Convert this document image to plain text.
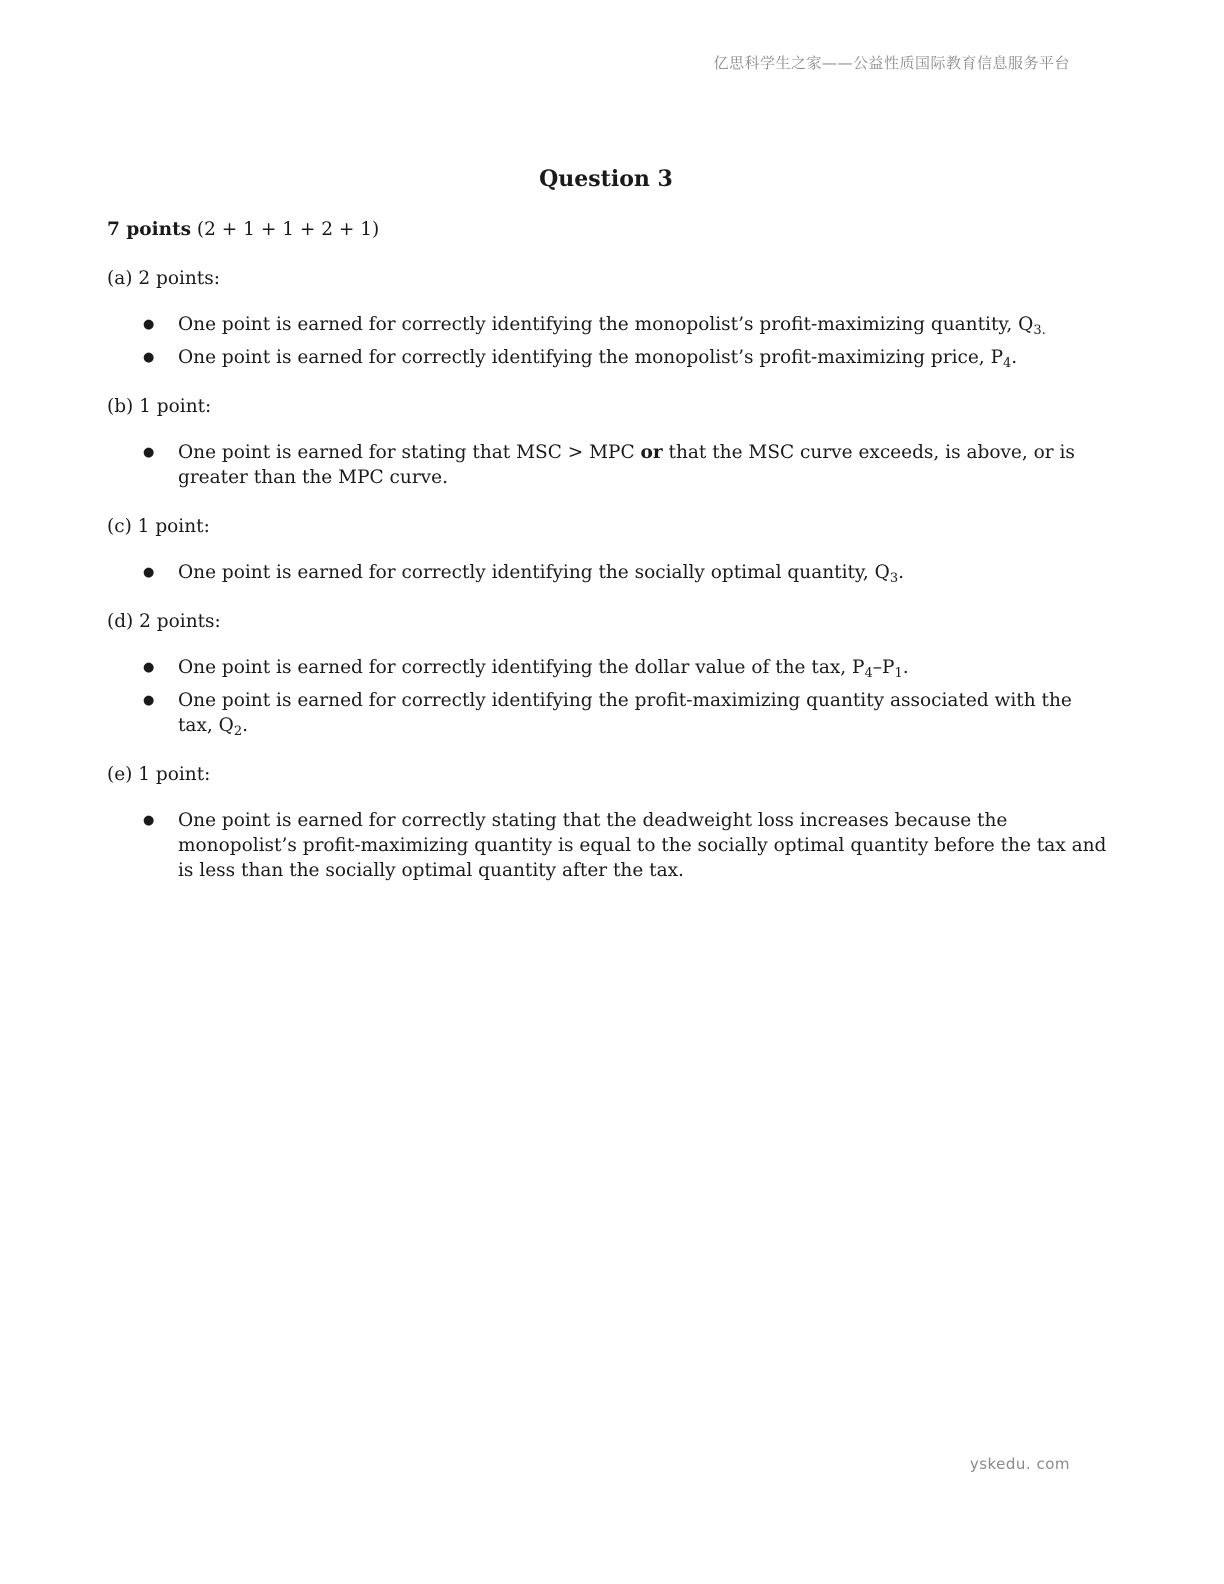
亿思科学生之家——公益性质国际教育信息服务平台
Question 3

7 points (2 + 1 + 1 + 2 + 1)

(a) 2 points:

● One point is earned for correctly identifying the monopolist’s profit-maximizing quantity, $Q_{3.}$
● One point is earned for correctly identifying the monopolist’s profit-maximizing price, $P_4$.

(b) 1 point:

● One point is earned for stating that MSC > MPC or that the MSC curve exceeds, is above, or is greater than the MPC curve.

(c) 1 point:

● One point is earned for correctly identifying the socially optimal quantity, $Q_3$.

(d) 2 points:

● One point is earned for correctly identifying the dollar value of the tax, $P_4-P_1$.
● One point is earned for correctly identifying the profit-maximizing quantity associated with the tax, $Q_2$.

(e) 1 point:

● One point is earned for correctly stating that the deadweight loss increases because the monopolist’s profit-maximizing quantity is equal to the socially optimal quantity before the tax and is less than the socially optimal quantity after the tax.
yskedu. com
